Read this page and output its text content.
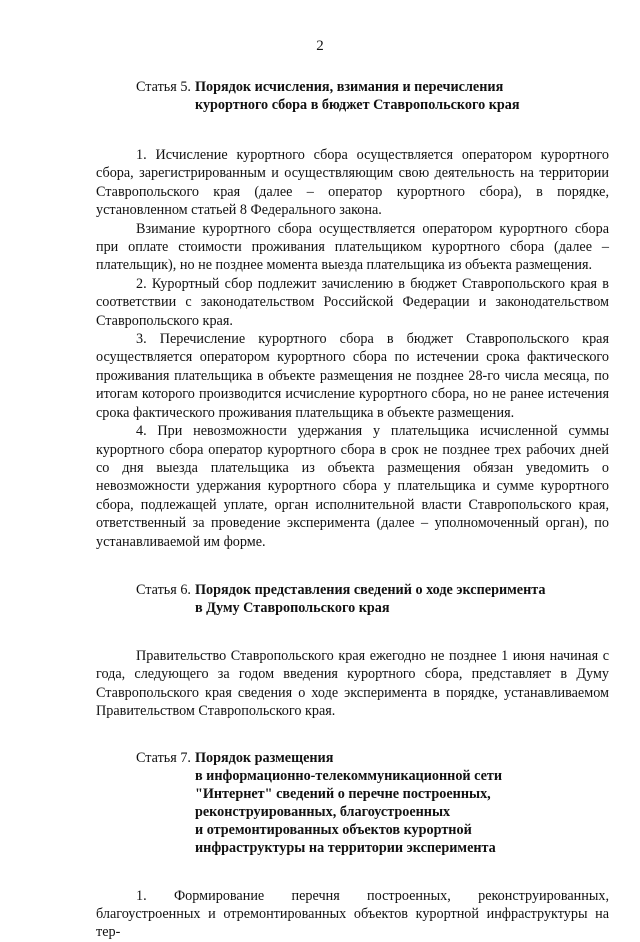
2
Статья 5. Порядок исчисления, взимания и перечисления
курортного сбора в бюджет Ставропольского края

1. Исчисление курортного сбора осуществляется оператором курортного сбора, зарегистрированным и осуществляющим свою деятельность на территории Ставропольского края (далее – оператор курортного сбора), в порядке, установленном статьей 8 Федерального закона.

Взимание курортного сбора осуществляется оператором курортного сбора при оплате стоимости проживания плательщиком курортного сбора (далее – плательщик), но не позднее момента выезда плательщика из объекта размещения.

2. Курортный сбор подлежит зачислению в бюджет Ставропольского края в соответствии с законодательством Российской Федерации и законодательством Ставропольского края.

3. Перечисление курортного сбора в бюджет Ставропольского края осуществляется оператором курортного сбора по истечении срока фактического проживания плательщика в объекте размещения не позднее 28-го числа месяца, по итогам которого производится исчисление курортного сбора, но не ранее истечения срока фактического проживания плательщика в объекте размещения.

4. При невозможности удержания у плательщика исчисленной суммы курортного сбора оператор курортного сбора в срок не позднее трех рабочих дней со дня выезда плательщика из объекта размещения обязан уведомить о невозможности удержания курортного сбора у плательщика и сумме курортного сбора, подлежащей уплате, орган исполнительной власти Ставропольского края, ответственный за проведение эксперимента (далее – уполномоченный орган), по устанавливаемой им форме.

Статья 6. Порядок представления сведений о ходе эксперимента
в Думу Ставропольского края

Правительство Ставропольского края ежегодно не позднее 1 июня начиная с года, следующего за годом введения курортного сбора, представляет в Думу Ставропольского края сведения о ходе эксперимента в порядке, устанавливаемом Правительством Ставропольского края.

Статья 7. Порядок размещения
в информационно-телекоммуникационной сети
"Интернет" сведений о перечне построенных,
реконструированных, благоустроенных
и отремонтированных объектов курортной
инфраструктуры на территории эксперимента

1. Формирование перечня построенных, реконструированных, благоустроенных и отремонтированных объектов курортной инфраструктуры на тер-
